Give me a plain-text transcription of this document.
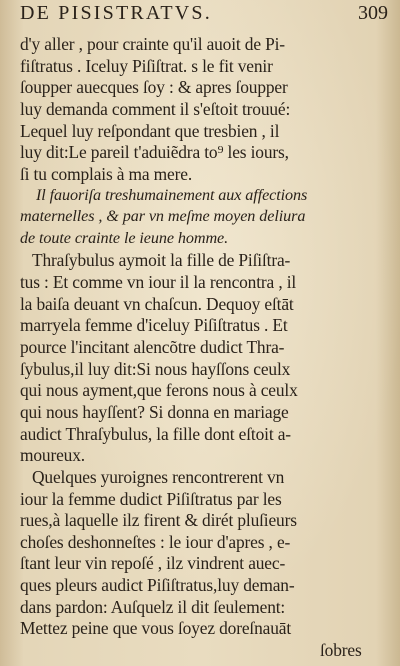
DE PISISTRATVS.	309
d'y aller , pour crainte qu'il auoit de Pi-
fiſtratus . Iceluy Piſiſtrat. s le fit venir
ſoupper auecques ſoy : & apres ſoupper
luy demanda comment il s'eſtoit trouué:
Lequel luy reſpondant que tresbien , il
luy dit:Le pareil t'aduiẽdra to⁹ les iours,
ſi tu complais à ma mere.
Il fauoriſa treshumainement aux affections
maternelles , & par vn meſme moyen deliura
de toute crainte le ieune homme.
Thraſybulus aymoit la fille de Piſiſtra-
tus : Et comme vn iour il la rencontra , il
la baiſa deuant vn chaſcun. Dequoy eſtāt
marryela femme d'iceluy Piſiſtratus . Et
pource l'incitant alencõtre dudict Thra-
ſybulus,il luy dit:Si nous hayſſons ceulx
qui nous ayment,que ferons nous à ceulx
qui nous hayſſent? Si donna en mariage
audict Thraſybulus, la fille dont eſtoit a-
moureux.
Quelques yuroignes rencontrerent vn
iour la femme dudict Piſiſtratus par les
rues,à laquelle ilz firent & dirét pluſieurs
choſes deshonneſtes : le iour d'apres , e-
ſtant leur vin repoſé , ilz vindrent auec-
ques pleurs audict Piſiſtratus,luy deman-
dans pardon: Auſquelz il dit ſeulement:
Mettez peine que vous ſoyez doreſnauāt
ſobres
